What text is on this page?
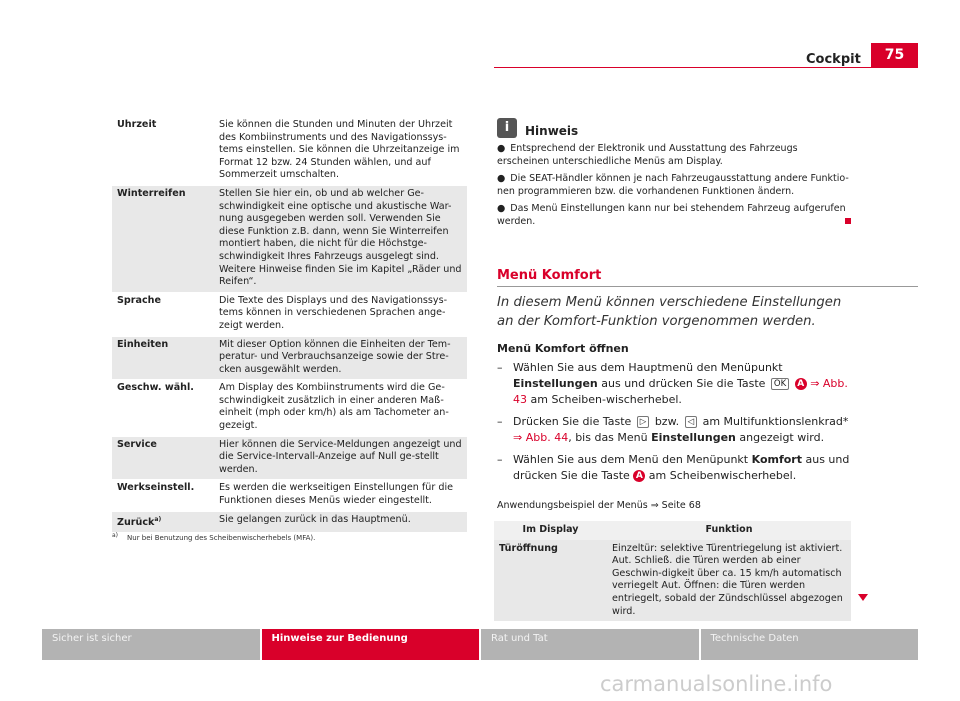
Cockpit	75
Uhrzeit	Sie können die Stunden und Minuten der Uhrzeit des Kombiinstruments und des Navigationssys-tems einstellen. Sie können die Uhrzeitanzeige im Format 12 bzw. 24 Stunden wählen, und auf Sommerzeit umschalten.
Winterreifen	Stellen Sie hier ein, ob und ab welcher Ge-schwindigkeit eine optische und akustische War-nung ausgegeben werden soll. Verwenden Sie diese Funktion z.B. dann, wenn Sie Winterreifen montiert haben, die nicht für die Höchstge-schwindigkeit Ihres Fahrzeugs ausgelegt sind. Weitere Hinweise finden Sie im Kapitel „Räder und Reifen“.
Sprache	Die Texte des Displays und des Navigationssys-tems können in verschiedenen Sprachen ange-zeigt werden.
Einheiten	Mit dieser Option können die Einheiten der Tem-peratur- und Verbrauchsanzeige sowie der Stre-cken ausgewählt werden.
Geschw. wähl.	Am Display des Kombiinstruments wird die Ge-schwindigkeit zusätzlich in einer anderen Maß-einheit (mph oder km/h) als am Tachometer an-gezeigt.
Service	Hier können die Service-Meldungen angezeigt und die Service-Intervall-Anzeige auf Null ge-stellt werden.
Werkseinstell.	Es werden die werkseitigen Einstellungen für die Funktionen dieses Menüs wieder eingestellt.
Zurück$^{a)}$	Sie gelangen zurück in das Hauptmenü.
a) Nur bei Benutzung des Scheibenwischerhebels (MFA).
i	Hinweis
● Entsprechend der Elektronik und Ausstattung des Fahrzeugs erscheinen unterschiedliche Menüs am Display.
● Die SEAT-Händler können je nach Fahrzeugausstattung andere Funktio-nen programmieren bzw. die vorhandenen Funktionen ändern.
● Das Menü Einstellungen kann nur bei stehendem Fahrzeug aufgerufen werden.
Menü Komfort
In diesem Menü können verschiedene Einstellungen an der Komfort-Funktion vorgenommen werden.
Menü Komfort öffnen
– Wählen Sie aus dem Hauptmenü den Menüpunkt Einstellungen aus und drücken Sie die Taste OK A ⇒ Abb. 43 am Scheiben-wischerhebel.
– Drücken Sie die Taste ▷ bzw. ◁ am Multifunktionslenkrad*
⇒ Abb. 44, bis das Menü Einstellungen angezeigt wird.
– Wählen Sie aus dem Menü den Menüpunkt Komfort aus und drücken Sie die Taste A am Scheibenwischerhebel.
Anwendungsbeispiel der Menüs ⇒ Seite 68
Im Display	Funktion
Türöffnung	Einzeltür: selektive Türentriegelung ist aktiviert. Aut. Schließ. die Türen werden ab einer Geschwin-digkeit über ca. 15 km/h automatisch verriegelt Aut. Öffnen: die Türen werden entriegelt, sobald der Zündschlüssel abgezogen wird.
Sicher ist sicher	Hinweise zur Bedienung	Rat und Tat	Technische Daten
carmanualsonline.info
